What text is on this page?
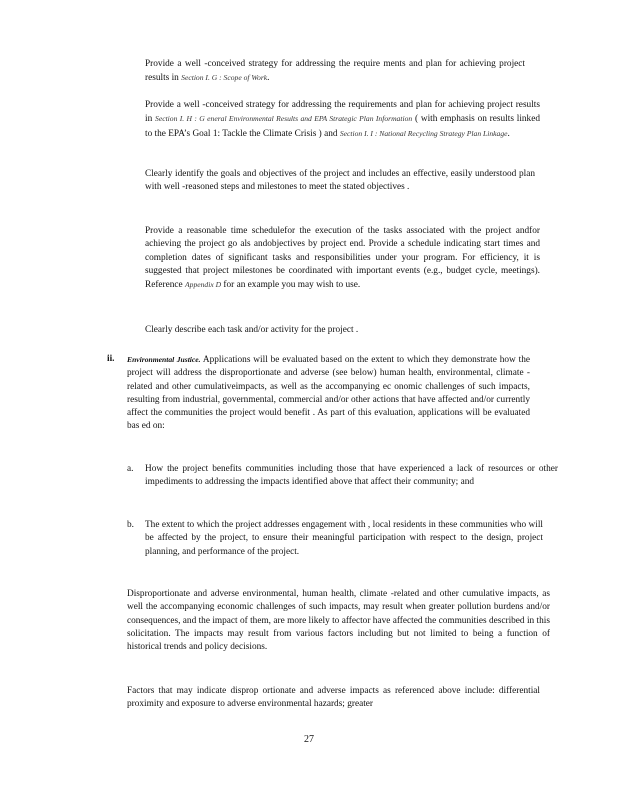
Provide a well -conceived strategy for addressing the require ments and plan for achieving project results in Section I. G : Scope of Work.
Provide a well -conceived strategy for addressing the requirements and plan for achieving project results in Section I. H : G eneral Environmental Results and EPA Strategic Plan Information ( with emphasis on results linked to the EPA’s Goal 1: Tackle the Climate Crisis ) and Section I. I : National Recycling Strategy Plan Linkage.
Clearly identify the goals and objectives of the project and includes an effective, easily understood plan with well -reasoned steps and milestones to meet the stated objectives .
Provide a reasonable time schedulefor the execution of the tasks associated with the project andfor achieving the project go als andobjectives by project end. Provide a schedule indicating start times and completion dates of significant tasks and responsibilities under your program. For efficiency, it is suggested that project milestones be coordinated with important events (e.g., budget cycle, meetings). Reference Appendix D for an example you may wish to use.
Clearly describe each task and/or activity for the project .
ii. Environmental Justice. Applications will be evaluated based on the extent to which they demonstrate how the project will address the disproportionate and adverse (see below) human health, environmental, climate -related and other cumulativeimpacts, as well as the accompanying ec onomic challenges of such impacts, resulting from industrial, governmental, commercial and/or other actions that have affected and/or currently affect the communities the project would benefit . As part of this evaluation, applications will be evaluated bas ed on:
a. How the project benefits communities including those that have experienced a lack of resources or other impediments to addressing the impacts identified above that affect their community; and
b. The extent to which the project addresses engagement with , local residents in these communities who will be affected by the project, to ensure their meaningful participation with respect to the design, project planning, and performance of the project.
Disproportionate and adverse environmental, human health, climate -related and other cumulative impacts, as well the accompanying economic challenges of such impacts, may result when greater pollution burdens and/or consequences, and the impact of them, are more likely to affector have affected the communities described in this solicitation. The impacts may result from various factors including but not limited to being a function of historical trends and policy decisions.
Factors that may indicate disprop ortionate and adverse impacts as referenced above include: differential proximity and exposure to adverse environmental hazards; greater
27
